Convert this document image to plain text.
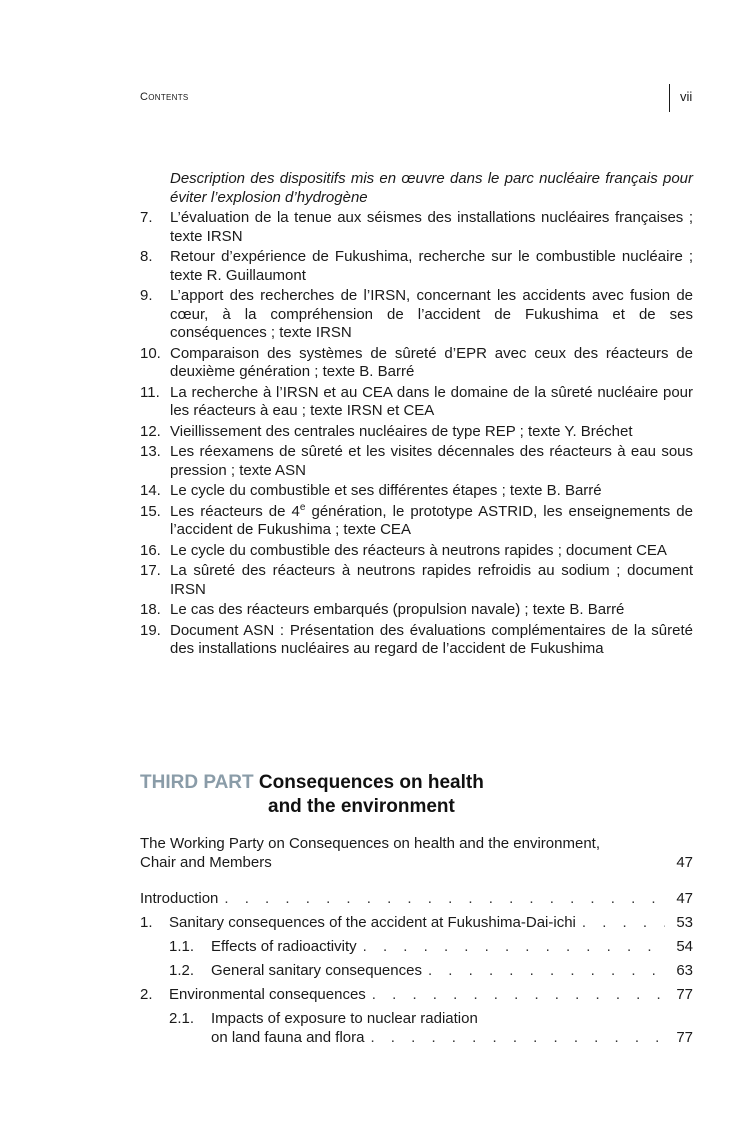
Contents	vii
Description des dispositifs mis en œuvre dans le parc nucléaire français pour éviter l’explosion d’hydrogène
7.	L’évaluation de la tenue aux séismes des installations nucléaires françaises ; texte IRSN
8.	Retour d’expérience de Fukushima, recherche sur le combustible nucléaire ; texte R. Guillaumont
9.	L’apport des recherches de l’IRSN, concernant les accidents avec fusion de cœur, à la compréhension de l’accident de Fukushima et de ses conséquences ; texte IRSN
10. Comparaison des systèmes de sûreté d’EPR avec ceux des réacteurs de deuxième génération ; texte B. Barré
11. La recherche à l’IRSN et au CEA dans le domaine de la sûreté nucléaire pour les réacteurs à eau ; texte IRSN et CEA
12. Vieillissement des centrales nucléaires de type REP ; texte Y. Bréchet
13. Les réexamens de sûreté et les visites décennales des réacteurs à eau sous pression ; texte ASN
14. Le cycle du combustible et ses différentes étapes ; texte B. Barré
15. Les réacteurs de 4e génération, le prototype ASTRID, les enseignements de l’accident de Fukushima ; texte CEA
16. Le cycle du combustible des réacteurs à neutrons rapides ; document CEA
17. La sûreté des réacteurs à neutrons rapides refroidis au sodium ; document IRSN
18. Le cas des réacteurs embarqués (propulsion navale) ; texte B. Barré
19. Document ASN : Présentation des évaluations complémentaires de la sûreté des installations nucléaires au regard de l’accident de Fukushima
THIRD PART Consequences on health
and the environment
The Working Party on Consequences on health and the environment,
Chair and Members	47
Introduction . . .	47
1.	Sanitary consequences of the accident at Fukushima-Dai-ichi . . .	53
1.1.	Effects of radioactivity . . .	54
1.2.	General sanitary consequences . . .	63
2.	Environmental consequences . . .	77
2.1.	Impacts of exposure to nuclear radiation
on land fauna and flora . . .	77
